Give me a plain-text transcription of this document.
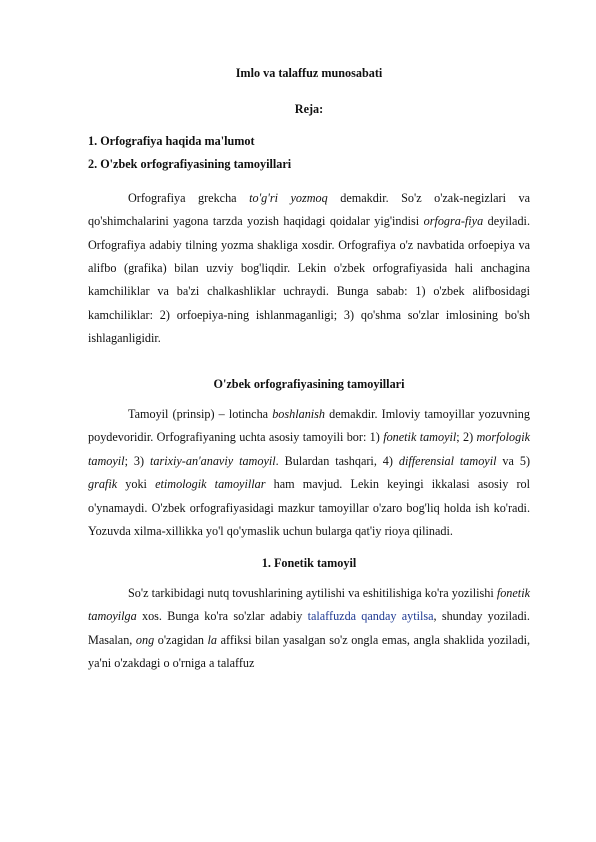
Imlo va talaffuz munosabati

Reja:

1. Orfografiya haqida ma'lumot

2. O'zbek orfografiyasining tamoyillari

Orfografiya grekcha to'g'ri yozmoq demakdir. So'z o'zak-negizlari va qo'shimchalarini yagona tarzda yozish haqidagi qoidalar yig'indisi orfogra-fiya deyiladi. Orfografiya adabiy tilning yozma shakliga xosdir. Orfografiya o'z navbatida orfoepiya va alifbo (grafika) bilan uzviy bog'liqdir. Lekin o'zbek orfografiyasida hali anchagina kamchiliklar va ba'zi chalkashliklar uchraydi. Bunga sabab: 1) o'zbek alifbosidagi kamchiliklar: 2) orfoepiya-ning ishlanmaganligi; 3) qo'shma so'zlar imlosining bo'sh ishlaganligidir.

O'zbek orfografiyasining tamoyillari

Tamoyil (prinsip) – lotincha boshlanish demakdir. Imloviy tamoyillar yozuvning poydevoridir. Orfografiyaning uchta asosiy tamoyili bor: 1) fonetik tamoyil; 2) morfologik tamoyil; 3) tarixiy-an'anaviy tamoyil. Bulardan tashqari, 4) differensial tamoyil va 5) grafik yoki etimologik tamoyillar ham mavjud. Lekin keyingi ikkalasi asosiy rol o'ynamaydi. O'zbek orfografiyasidagi mazkur tamoyillar o'zaro bog'liq holda ish ko'radi. Yozuvda xilma-xillikka yo'l qo'ymaslik uchun bularga qat'iy rioya qilinadi.

1. Fonetik tamoyil

So'z tarkibidagi nutq tovushlarining aytilishi va eshitilishiga ko'ra yozilishi fonetik tamoyilga xos. Bunga ko'ra so'zlar adabiy talaffuzda qanday aytilsa, shunday yoziladi. Masalan, ong o'zagidan la affiksi bilan yasalgan so'z ongla emas, angla shaklida yoziladi, ya'ni o'zakdagi o o'rniga a talaffuz
